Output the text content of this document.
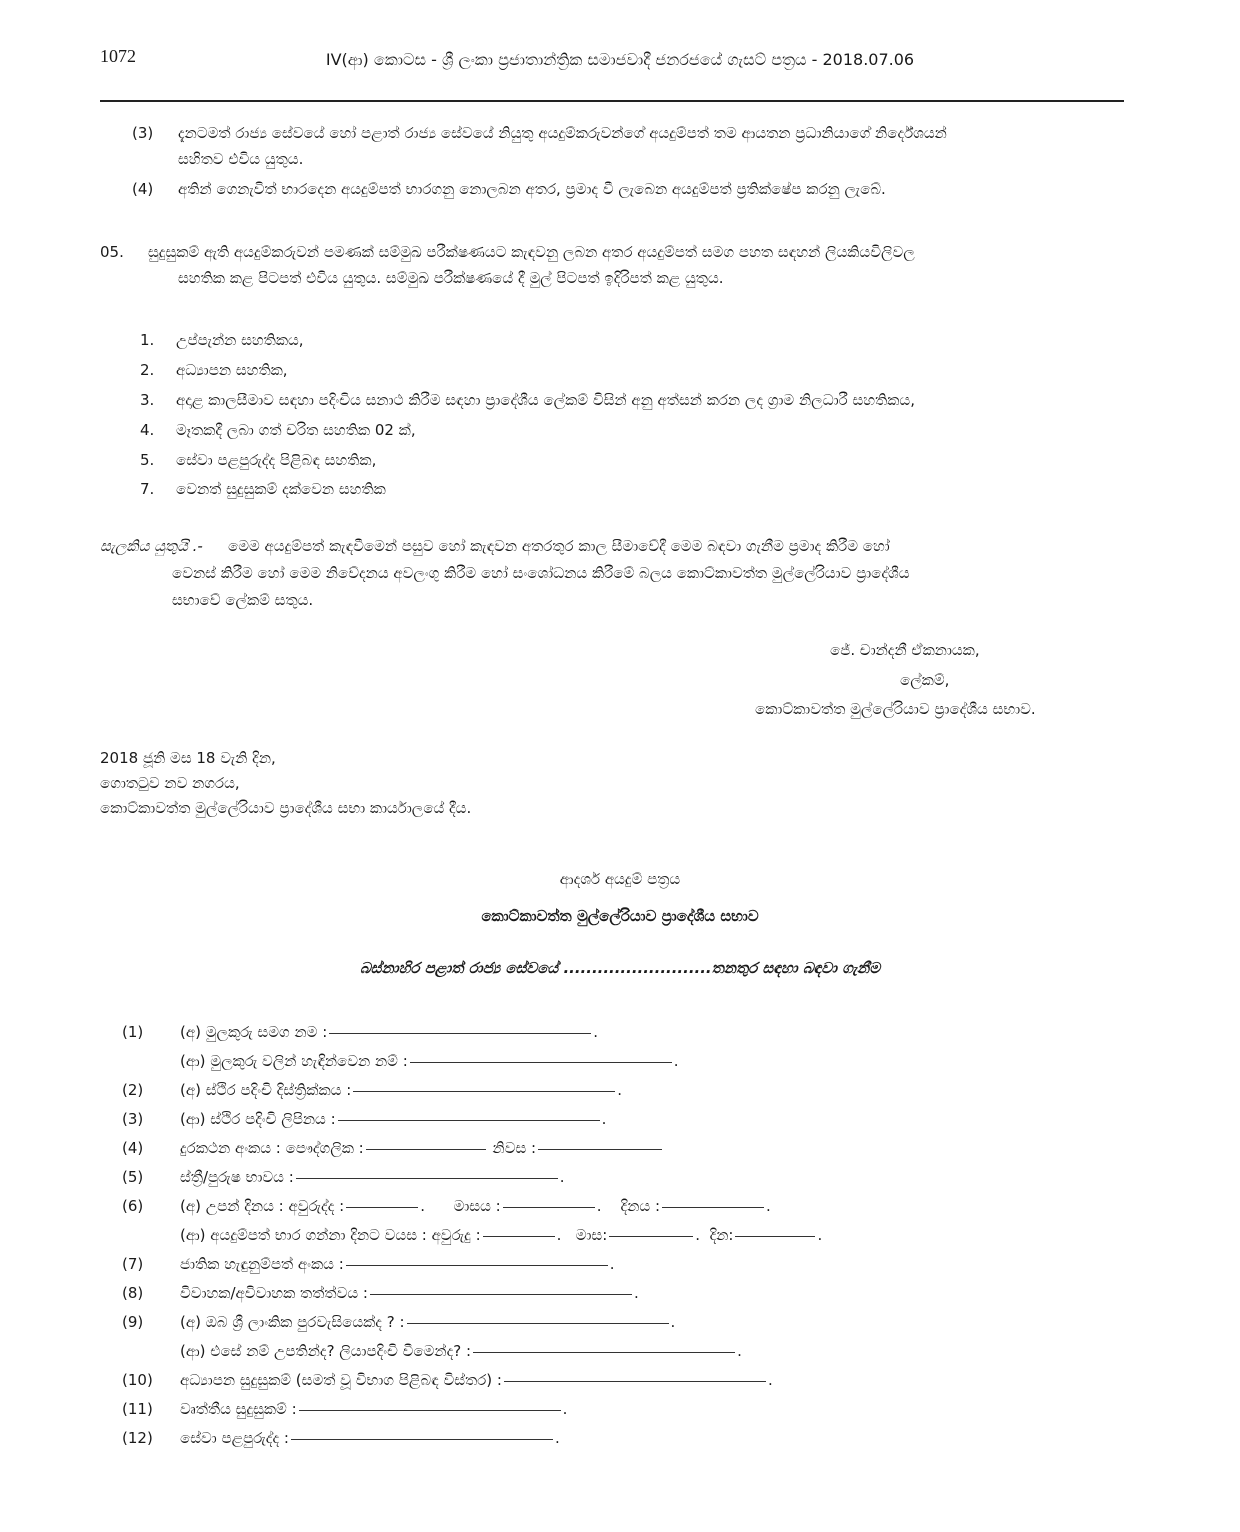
1072	IV(ආ) කොටස - ශ්‍රී ලංකා ප්‍රජාතාන්ත්‍රික සමාජවාදී ජනරජයේ ගැසට් පත්‍රය - 2018.07.06
(3) දැනටමත් රාජ්‍ය සේවයේ හෝ පළාත් රාජ්‍ය සේවයේ නියුතු අයදුම්කරුවන්ගේ අයදුම්පත් තම ආයතන ප්‍රධානියාගේ නිර්දේශයන්
සහිතව එවිය යුතුය.
(4) අතින් ගෙනැවිත් භාරදෙන අයදුම්පත් භාරගනු නොලබන අතර, ප්‍රමාද වී ලැබෙන අයදුම්පත් ප්‍රතික්ෂේප කරනු ලැබේ.
05. සුදුසුකම් ඇති අයදුම්කරුවන් පමණක් සම්මුඛ පරීක්ෂණයට කැඳවනු ලබන අතර අයදුම්පත් සමග පහත සඳහන් ලියකියවිලිවල
සහතික කළ පිටපත් එවිය යුතුය. සම්මුඛ පරීක්ෂණයේ දී මුල් පිටපත් ඉදිරිපත් කළ යුතුය.
1. උප්පැන්න සහතිකය,
2. අධ්‍යාපන සහතික,
3. අදාළ කාලසීමාව සඳහා පදිංචිය සනාථ කිරීම සඳහා ප්‍රාදේශීය ලේකම් විසින් අනු අත්සන් කරන ලද ග්‍රාම නිලධාරී සහතිකය,
4. මෑතකදී ලබා ගත් චරිත සහතික 02 ක්,
5. සේවා පළපුරුද්ද පිළිබඳ සහතික,
7. වෙනත් සුදුසුකම් දක්වෙන සහතික
සැලකිය යුතුයි .- මෙම අයදුම්පත් කැඳවීමෙන් පසුව හෝ කැඳවන අතරතුර කාල සීමාවේදී මෙම බඳවා ගැනීම ප්‍රමාද කිරීම හෝ
වෙනස් කිරීම හෝ මෙම නිවේදනය අවලංගු කිරීම හෝ සංශෝධනය කිරීමේ බලය කොට්කාවත්ත මුල්ලේරියාව ප්‍රාදේශීය
සභාවේ ලේකම් සතුය.
ජේ. චාන්දනී ඒකනායක,
ලේකම්,
කොට්කාවත්ත මුල්ලේරියාව ප්‍රාදේශීය සභාව.
2018 ජූනි මස 18 වැනි දින,
ගොතටුව නව නගරය,
කොට්කාවත්ත මුල්ලේරියාව ප්‍රාදේශීය සභා කාර්යාලයේ දීය.
ආදර්ශ අයදුම් පත්‍රය
කොට්කාවත්ත මුල්ලේරියාව ප්‍රාදේශීය සභාව
බස්නාහිර පළාත් රාජ්‍ය සේවයේ ..........................තනතුර සඳහා බඳවා ගැනීම
(1) (අ) මුලකුරු සමග නම :	.
(ආ) මුලකුරු වලින් හැඳින්වෙන නම් :	.
(2) (අ) ස්ථිර පදිංචි දිස්ත්‍රික්කය :	.
(3) (ආ) ස්ථිර පදිංචි ලිපිනය :	.
(4) දුරකථන අංකය : පෞද්ගලික :	නිවස :
(5) ස්ත්‍රී/පුරුෂ භාවය :	.
(6) (අ) උපන් දිනය : අවුරුද්ද :	.      මාසය :	.    දිනය :	.
(ආ) අයදුම්පත් භාර ගන්නා දිනට වයස : අවුරුදු :	.   මාස:	.  දින:	.
(7) ජාතික හැඳුනුම්පත් අංකය :	.
(8) විවාහක/අවිවාහක තත්ත්වය :	.
(9) (අ) ඔබ ශ්‍රී ලාංකික පුරවැසියෙක්ද ? :	.
(ආ) එසේ නම් උපතින්ද? ලියාපදිංචි වීමෙන්ද? :	.
(10) අධ්‍යාපන සුදුසුකම් (සමත් වූ විභාග පිළිබඳ විස්තර) :	.
(11) වෘත්තීය සුදුසුකම් :	.
(12) සේවා පළපුරුද්ද :	.
